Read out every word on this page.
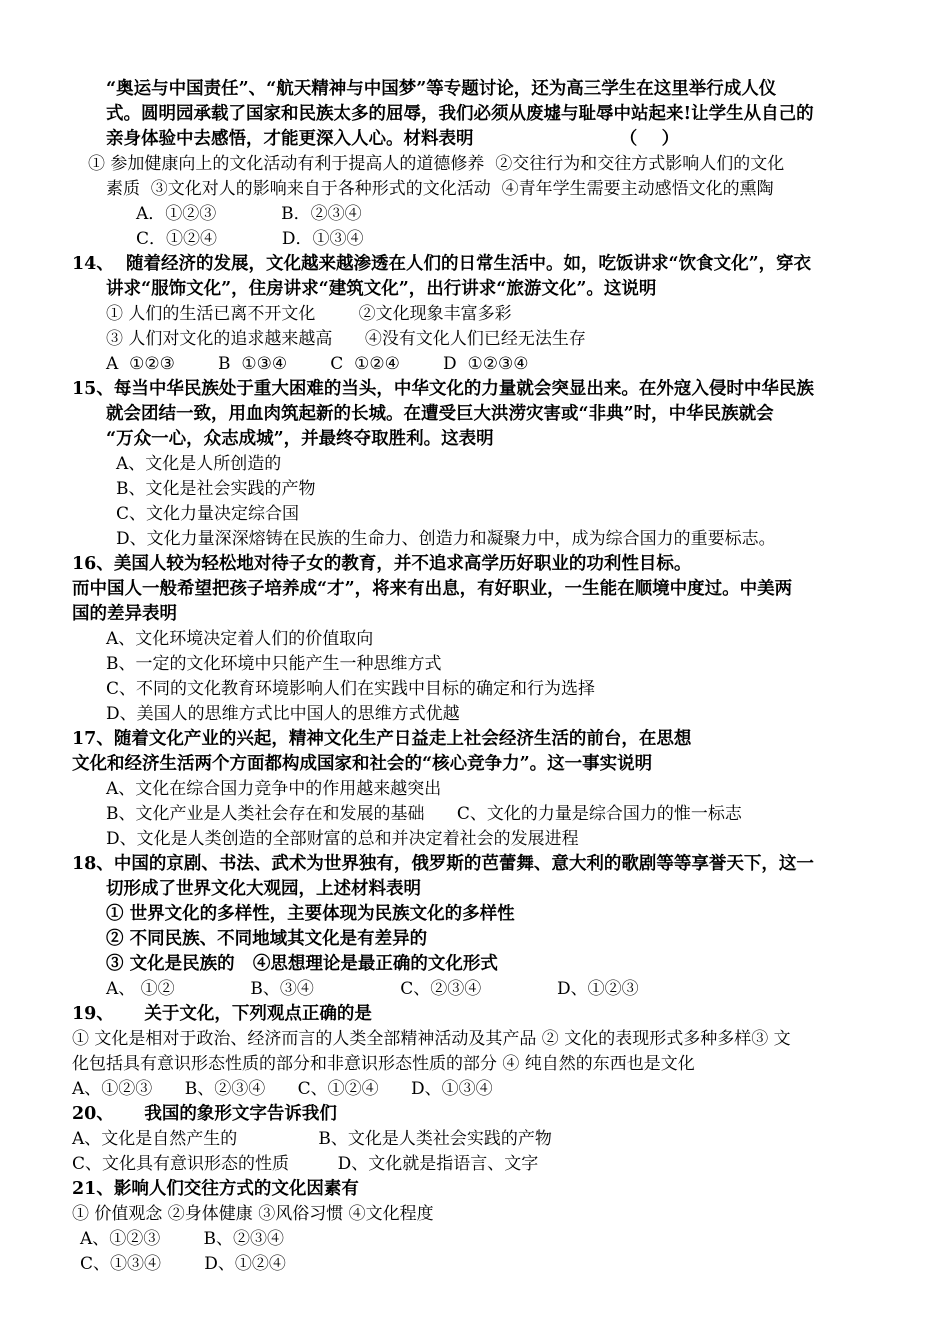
“奥运与中国责任”、“航天精神与中国梦”等专题讨论，还为高三学生在这里举行成人仪
式。圆明园承载了国家和民族太多的屈辱，我们必须从废墟与耻辱中站起来!让学生从自己的
亲身体验中去感悟，才能更深入人心。材料表明                        （    ）
① 参加健康向上的文化活动有利于提高人的道德修养  ②交往行为和交往方式影响人们的文化
素质  ③文化对人的影响来自于各种形式的文化活动  ④青年学生需要主动感悟文化的熏陶
A．①②③            B．②③④
C．①②④            D．①③④
14、  随着经济的发展，文化越来越渗透在人们的日常生活中。如，吃饭讲求“饮食文化”，穿衣
讲求“服饰文化”，住房讲求“建筑文化”，出行讲求“旅游文化”。这说明
① 人们的生活已离不开文化        ②文化现象丰富多彩
③ 人们对文化的追求越来越高      ④没有文化人们已经无法生存
A  ①②③        B  ①③④        C  ①②④        D  ①②③④
15、每当中华民族处于重大困难的当头，中华文化的力量就会突显出来。在外寇入侵时中华民族
就会团结一致，用血肉筑起新的长城。在遭受巨大洪涝灾害或“非典”时，中华民族就会
“万众一心，众志成城”，并最终夺取胜利。这表明
A、文化是人所创造的
B、文化是社会实践的产物
C、文化力量决定综合国
D、文化力量深深熔铸在民族的生命力、创造力和凝聚力中，成为综合国力的重要标志。
16、美国人较为轻松地对待子女的教育，并不追求高学历好职业的功利性目标。
而中国人一般希望把孩子培养成“才”，将来有出息，有好职业，一生能在顺境中度过。中美两
国的差异表明
A、文化环境决定着人们的价值取向
B、一定的文化环境中只能产生一种思维方式
C、不同的文化教育环境影响人们在实践中目标的确定和行为选择
D、美国人的思维方式比中国人的思维方式优越
17、随着文化产业的兴起，精神文化生产日益走上社会经济生活的前台，在思想
文化和经济生活两个方面都构成国家和社会的“核心竞争力”。这一事实说明
A、文化在综合国力竞争中的作用越来越突出
B、文化产业是人类社会存在和发展的基础      C、文化的力量是综合国力的惟一标志
D、文化是人类创造的全部财富的总和并决定着社会的发展进程
18、中国的京剧、书法、武术为世界独有，俄罗斯的芭蕾舞、意大利的歌剧等等享誉天下，这一
切形成了世界文化大观园，上述材料表明
① 世界文化的多样性，主要体现为民族文化的多样性
② 不同民族、不同地域其文化是有差异的
③ 文化是民族的   ④思想理论是最正确的文化形式
A、 ①②              B、③④                C、②③④              D、①②③
19、     关于文化，下列观点正确的是
① 文化是相对于政治、经济而言的人类全部精神活动及其产品 ② 文化的表现形式多种多样③ 文
化包括具有意识形态性质的部分和非意识形态性质的部分 ④ 纯自然的东西也是文化
A、①②③      B、②③④      C、①②④      D、①③④
20、     我国的象形文字告诉我们
A、文化是自然产生的               B、文化是人类社会实践的产物
C、文化具有意识形态的性质         D、文化就是指语言、文字
21、影响人们交往方式的文化因素有
① 价值观念 ②身体健康 ③风俗习惯 ④文化程度
A、①②③        B、②③④
C、①③④        D、①②④
